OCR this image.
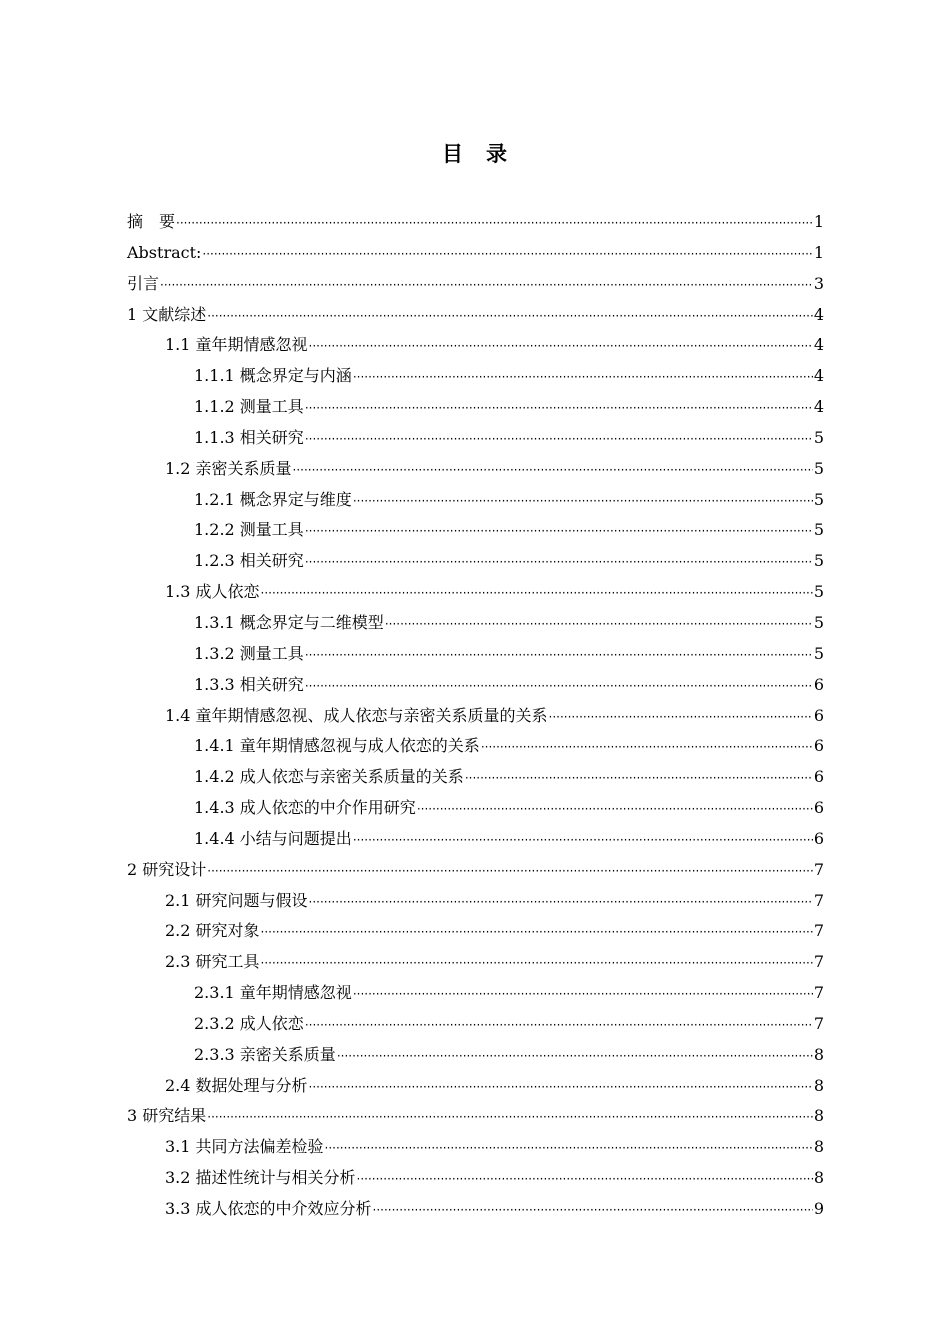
目　录
摘　要 ·····	1
Abstract: ·····	1
引言 ·····	3
1 文献综述 ·····	4
1.1 童年期情感忽视 ·····	4
1.1.1 概念界定与内涵 ·····	4
1.1.2 测量工具 ·····	4
1.1.3 相关研究 ·····	5
1.2 亲密关系质量 ·····	5
1.2.1 概念界定与维度 ·····	5
1.2.2 测量工具 ·····	5
1.2.3 相关研究 ·····	5
1.3 成人依恋 ·····	5
1.3.1 概念界定与二维模型 ·····	5
1.3.2 测量工具 ·····	5
1.3.3 相关研究 ·····	6
1.4 童年期情感忽视、成人依恋与亲密关系质量的关系 ·····	6
1.4.1 童年期情感忽视与成人依恋的关系 ·····	6
1.4.2 成人依恋与亲密关系质量的关系 ·····	6
1.4.3 成人依恋的中介作用研究 ·····	6
1.4.4 小结与问题提出 ·····	6
2 研究设计 ·····	7
2.1 研究问题与假设 ·····	7
2.2 研究对象 ·····	7
2.3 研究工具 ·····	7
2.3.1 童年期情感忽视 ·····	7
2.3.2 成人依恋 ·····	7
2.3.3 亲密关系质量 ·····	8
2.4 数据处理与分析 ·····	8
3 研究结果 ·····	8
3.1 共同方法偏差检验 ·····	8
3.2 描述性统计与相关分析 ·····	8
3.3 成人依恋的中介效应分析 ·····	9
